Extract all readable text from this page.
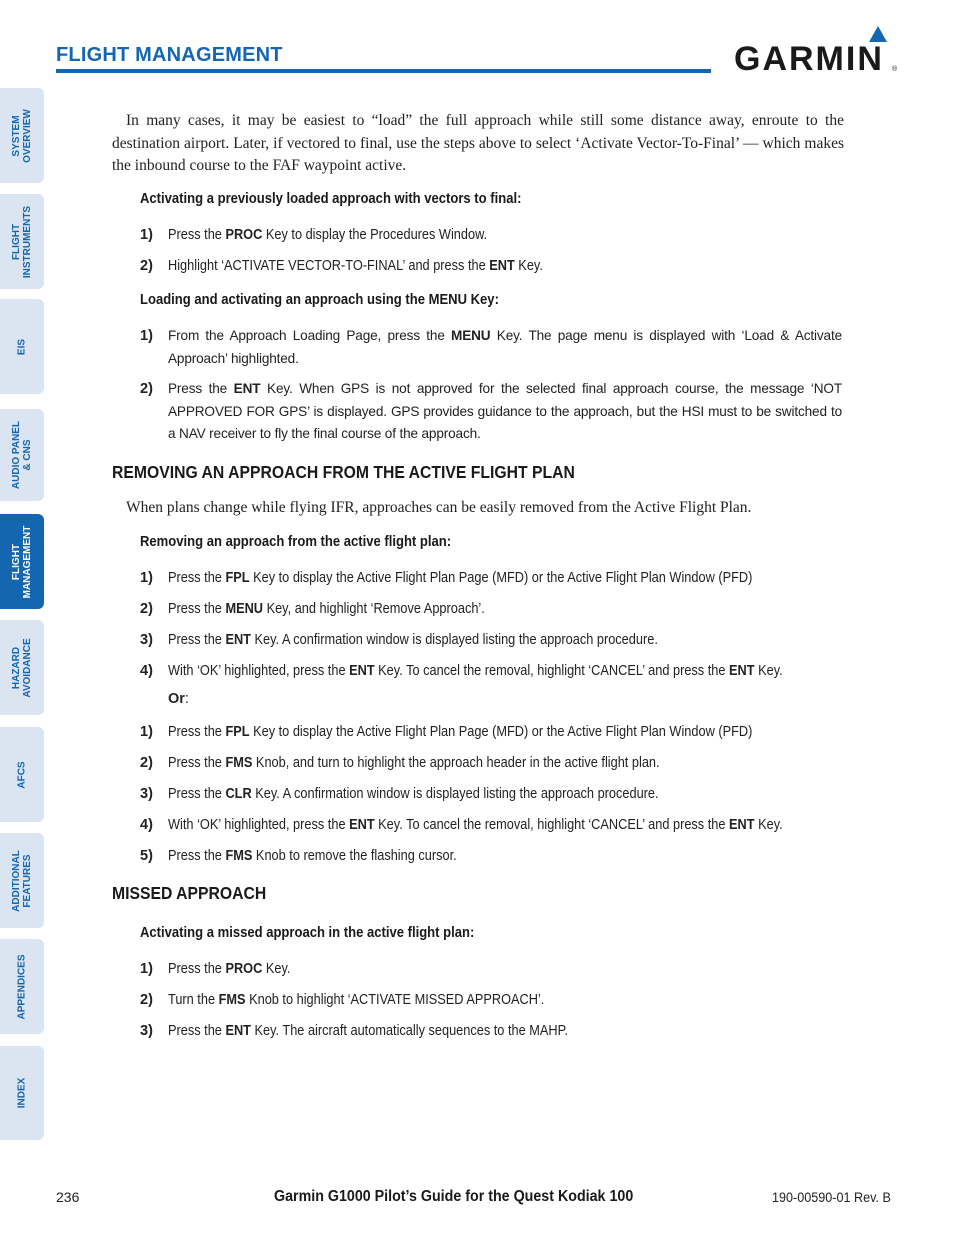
FLIGHT MANAGEMENT	GARMIN ®
SYSTEM
OVERVIEW
FLIGHT
INSTRUMENTS
EIS
AUDIO PANEL
& CNS
FLIGHT
MANAGEMENT
HAZARD
AVOIDANCE
AFCS
ADDITIONAL
FEATURES
APPENDICES
INDEX
In many cases, it may be easiest to “load” the full approach while still some distance away, enroute to the destination airport. Later, if vectored to final, use the steps above to select ‘Activate Vector-To-Final’ — which makes the inbound course to the FAF waypoint active.
Activating a previously loaded approach with vectors to final:
1) Press the PROC Key to display the Procedures Window.
2) Highlight ‘ACTIVATE VECTOR-TO-FINAL’ and press the ENT Key.
Loading and activating an approach using the MENU Key:
1) From the Approach Loading Page, press the MENU Key. The page menu is displayed with ‘Load & Activate Approach’ highlighted.
2) Press the ENT Key. When GPS is not approved for the selected final approach course, the message ‘NOT APPROVED FOR GPS’ is displayed. GPS provides guidance to the approach, but the HSI must to be switched to a NAV receiver to fly the final course of the approach.
REMOVING AN APPROACH FROM THE ACTIVE FLIGHT PLAN
When plans change while flying IFR, approaches can be easily removed from the Active Flight Plan.
Removing an approach from the active flight plan:
1) Press the FPL Key to display the Active Flight Plan Page (MFD) or the Active Flight Plan Window (PFD)
2) Press the MENU Key, and highlight ‘Remove Approach’.
3) Press the ENT Key. A confirmation window is displayed listing the approach procedure.
4) With ‘OK’ highlighted, press the ENT Key. To cancel the removal, highlight ‘CANCEL’ and press the ENT Key.
Or:
1) Press the FPL Key to display the Active Flight Plan Page (MFD) or the Active Flight Plan Window (PFD)
2) Press the FMS Knob, and turn to highlight the approach header in the active flight plan.
3) Press the CLR Key. A confirmation window is displayed listing the approach procedure.
4) With ‘OK’ highlighted, press the ENT Key. To cancel the removal, highlight ‘CANCEL’ and press the ENT Key.
5) Press the FMS Knob to remove the flashing cursor.
MISSED APPROACH
Activating a missed approach in the active flight plan:
1) Press the PROC Key.
2) Turn the FMS Knob to highlight ‘ACTIVATE MISSED APPROACH’.
3) Press the ENT Key. The aircraft automatically sequences to the MAHP.
236	Garmin G1000 Pilot’s Guide for the Quest Kodiak 100	190-00590-01 Rev. B
